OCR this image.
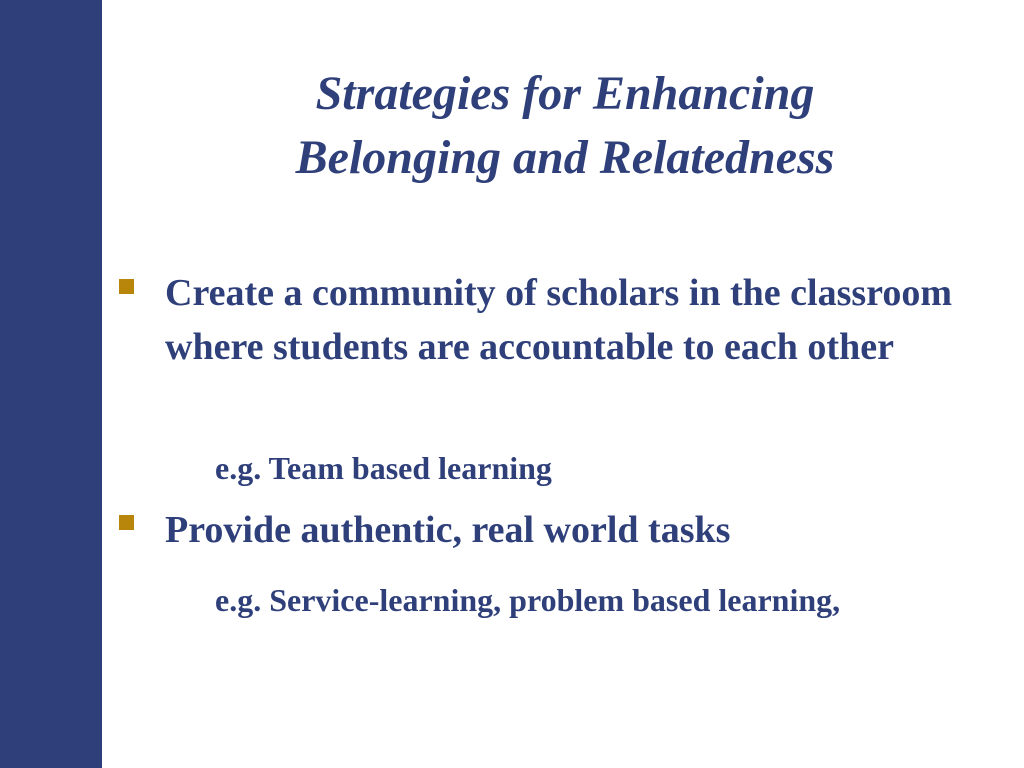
Strategies for Enhancing
Belonging and Relatedness
Create a community of scholars in the classroom where students are accountable to each other
e.g. Team based learning
Provide authentic, real world tasks
e.g. Service-learning, problem based learning,
